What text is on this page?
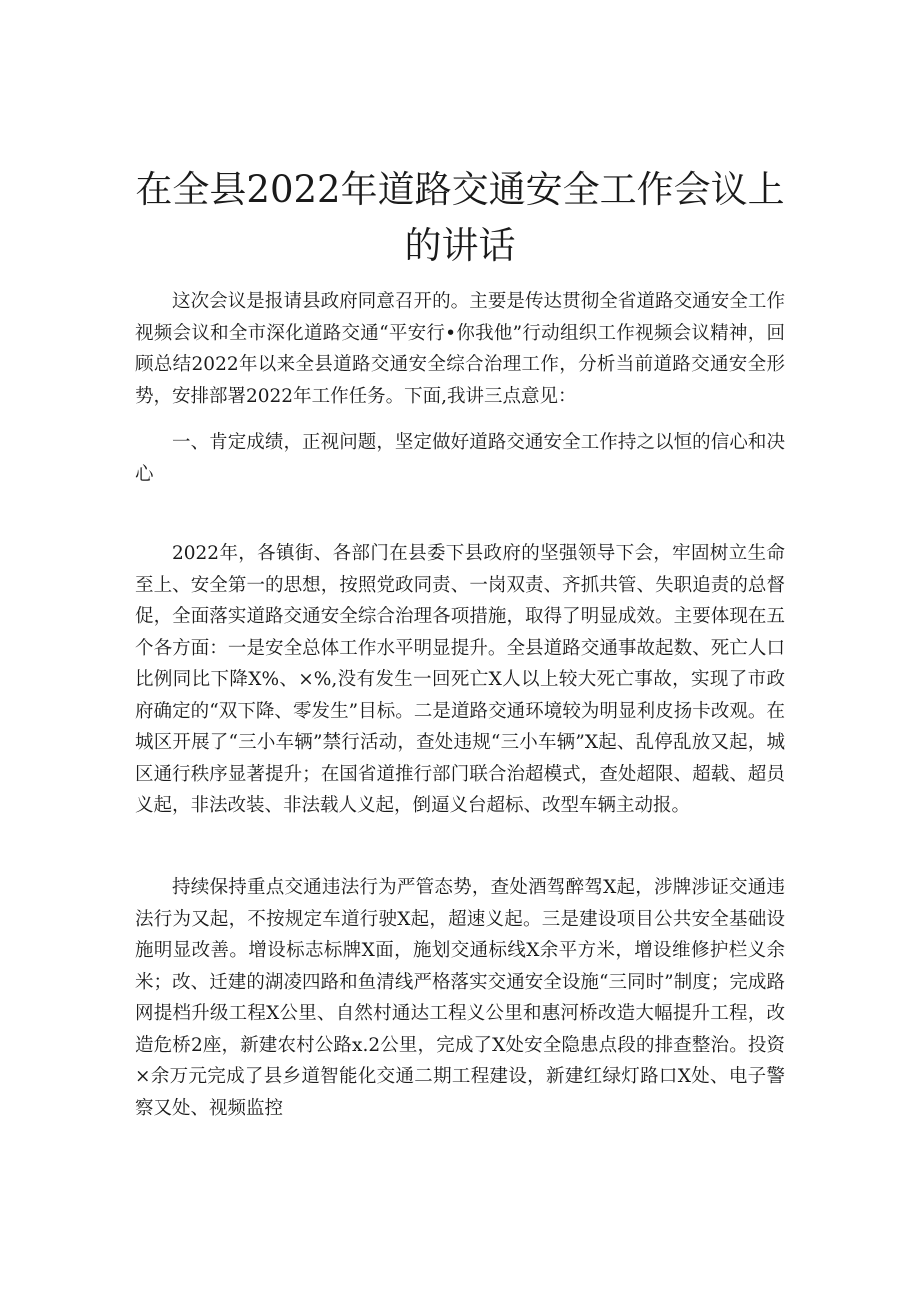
在全县2022年道路交通安全工作会议上的讲话

这次会议是报请县政府同意召开的。主要是传达贯彻全省道路交通安全工作视频会议和全市深化道路交通“平安行•你我他”行动组织工作视频会议精神，回顾总结2022年以来全县道路交通安全综合治理工作，分析当前道路交通安全形势，安排部署2022年工作任务。下面,我讲三点意见：

一、肯定成绩，正视问题，坚定做好道路交通安全工作持之以恒的信心和决心

2022年，各镇街、各部门在县委下县政府的坚强领导下会，牢固树立生命至上、安全第一的思想，按照党政同责、一岗双责、齐抓共管、失职追责的总督促，全面落实道路交通安全综合治理各项措施，取得了明显成效。主要体现在五个各方面：一是安全总体工作水平明显提升。全县道路交通事故起数、死亡人口比例同比下降X%、×%,没有发生一回死亡X人以上较大死亡事故，实现了市政府确定的“双下降、零发生”目标。二是道路交通环境较为明显利皮扬卡改观。在城区开展了“三小车辆”禁行活动，查处违规“三小车辆”X起、乱停乱放又起，城区通行秩序显著提升；在国省道推行部门联合治超模式，查处超限、超载、超员义起，非法改装、非法载人义起，倒逼义台超标、改型车辆主动报。

持续保持重点交通违法行为严管态势，查处酒驾醉驾X起，涉牌涉证交通违法行为又起，不按规定车道行驶X起，超速义起。三是建设项目公共安全基础设施明显改善。增设标志标牌X面，施划交通标线X余平方米，增设维修护栏义余米；改、迁建的湖凌四路和鱼清线严格落实交通安全设施“三同时”制度；完成路网提档升级工程X公里、自然村通达工程义公里和惠河桥改造大幅提升工程，改造危桥2座，新建农村公路x.2公里，完成了X处安全隐患点段的排查整治。投资×余万元完成了县乡道智能化交通二期工程建设，新建红绿灯路口X处、电子警察又处、视频监控
